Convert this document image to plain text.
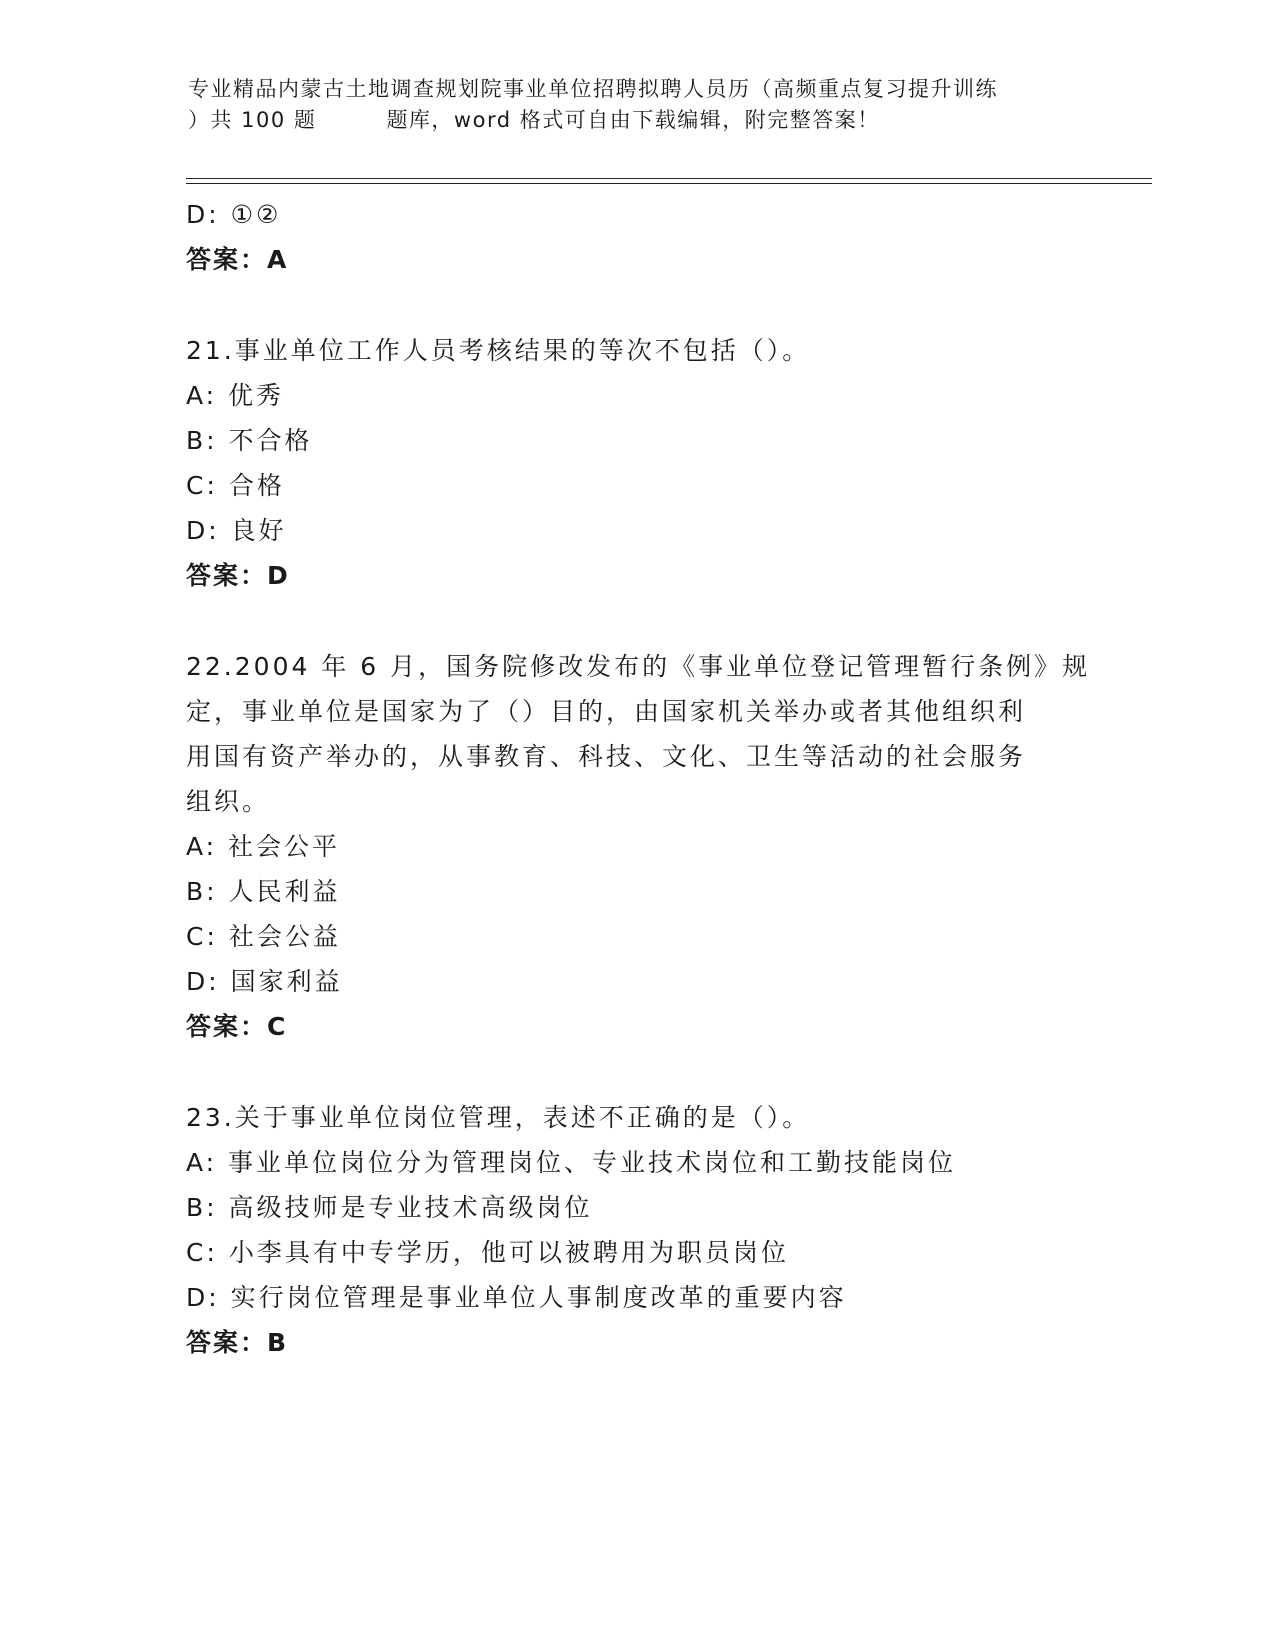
专业精品内蒙古土地调查规划院事业单位招聘拟聘人员历（高频重点复习提升训练
）共 100 题	题库，word 格式可自由下载编辑，附完整答案！
D: ①②
答案：A
21.事业单位工作人员考核结果的等次不包括（）。
A: 优秀
B: 不合格
C: 合格
D: 良好
答案：D
22.2004 年 6 月，国务院修改发布的《事业单位登记管理暂行条例》规
定，事业单位是国家为了（）目的，由国家机关举办或者其他组织利
用国有资产举办的，从事教育、科技、文化、卫生等活动的社会服务
组织。
A: 社会公平
B: 人民利益
C: 社会公益
D: 国家利益
答案：C
23.关于事业单位岗位管理，表述不正确的是（）。
A: 事业单位岗位分为管理岗位、专业技术岗位和工勤技能岗位
B: 高级技师是专业技术高级岗位
C: 小李具有中专学历，他可以被聘用为职员岗位
D: 实行岗位管理是事业单位人事制度改革的重要内容
答案：B
